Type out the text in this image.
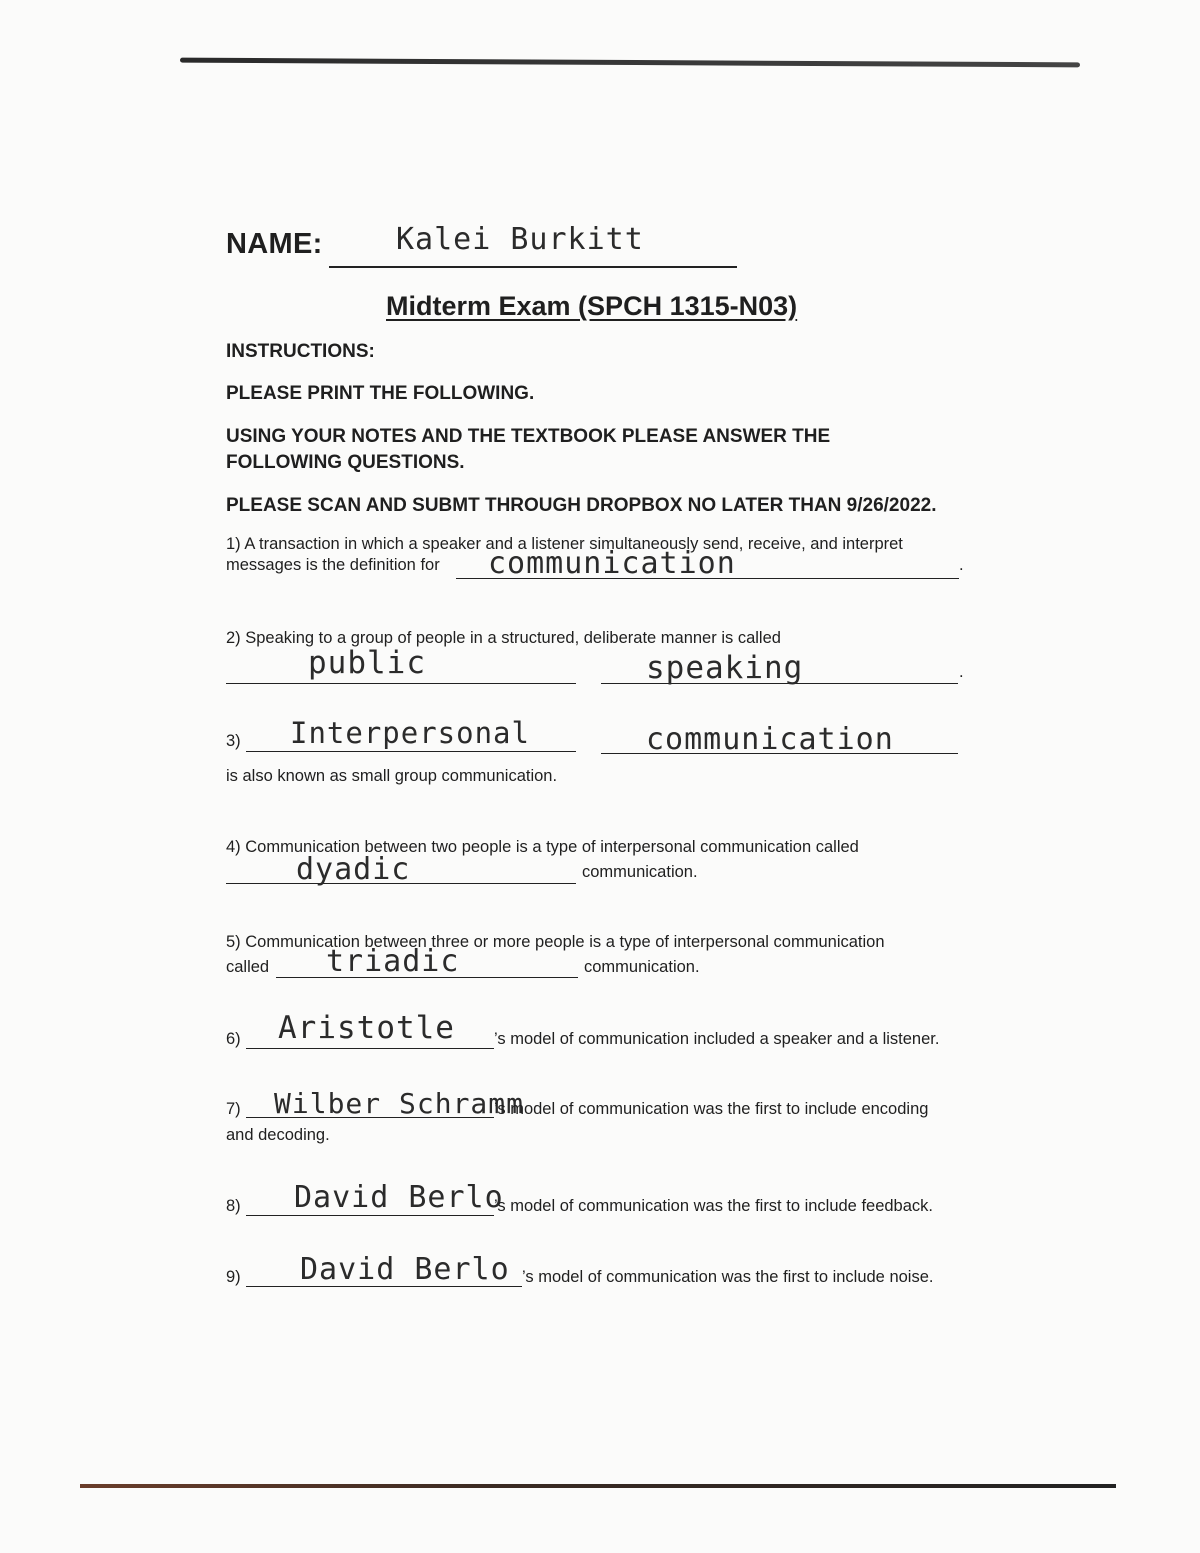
NAME: Kalei Burkitt
Midterm Exam (SPCH 1315-N03)
INSTRUCTIONS:
PLEASE PRINT THE FOLLOWING.
USING YOUR NOTES AND THE TEXTBOOK PLEASE ANSWER THE FOLLOWING QUESTIONS.
PLEASE SCAN AND SUBMT THROUGH DROPBOX NO LATER THAN 9/26/2022.
1) A transaction in which a speaker and a listener simultaneously send, receive, and interpret
messages is the definition for	.
communication
2) Speaking to a group of people in a structured, deliberate manner is called
.
public	speaking
3) Interpersonal	communication
is also known as small group communication.
4) Communication between two people is a type of interpersonal communication called
dyadic	communication.
5) Communication between three or more people is a type of interpersonal communication
called triadic	communication.
6) Aristotle ’s model of communication included a speaker and a listener.
7) Wilber Schramm
’s model of communication was the first to include encoding
and decoding.
8) David Berlo
’s model of communication was the first to include feedback.
9) David Berlo ’s model of communication was the first to include noise.
